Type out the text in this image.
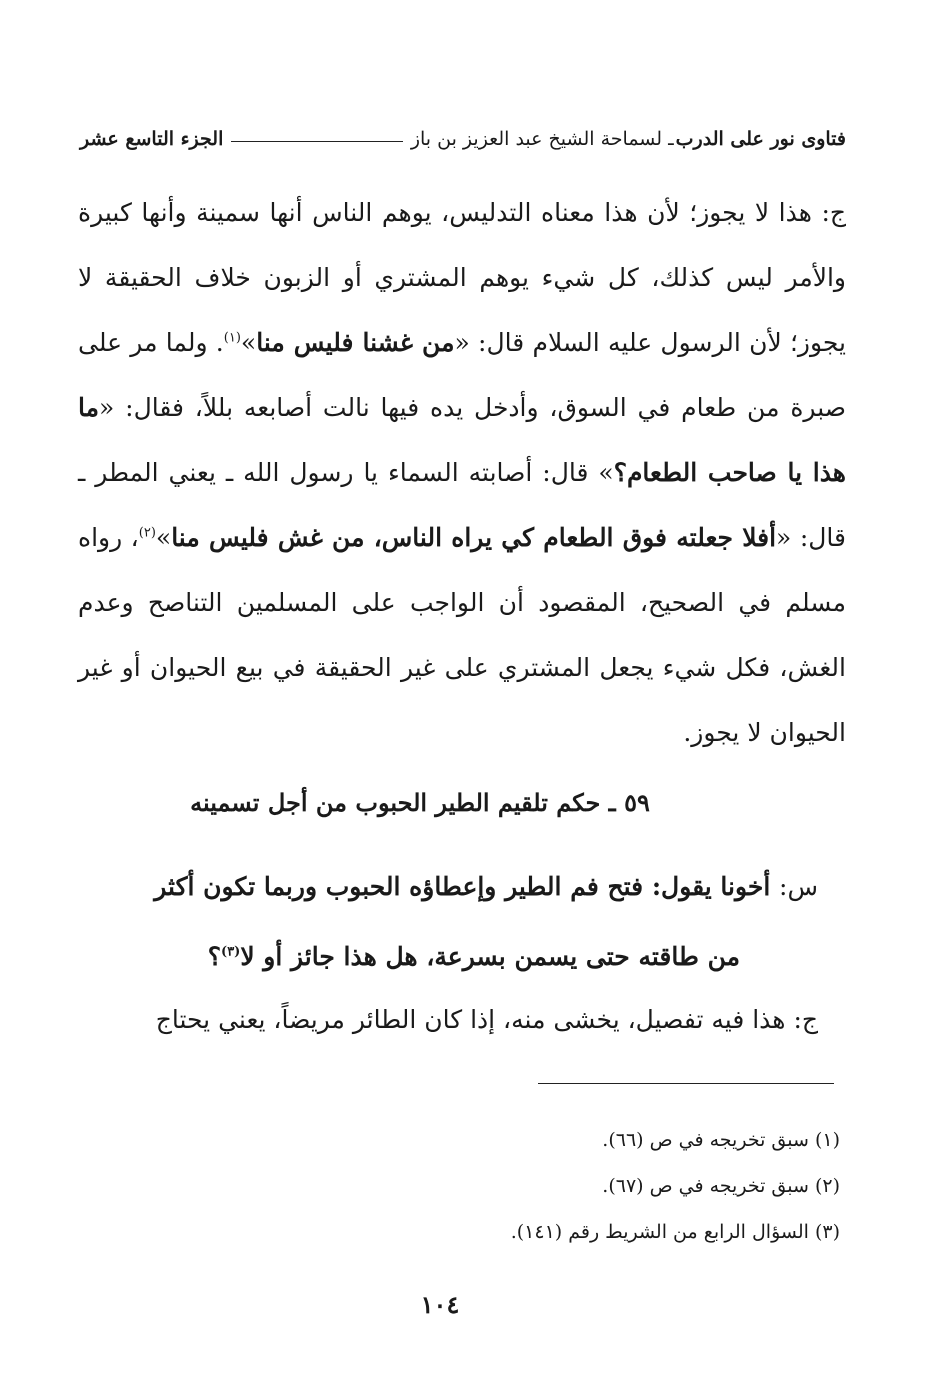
فتاوى نور على الدرب
ـ لسماحة الشيخ عبد العزيز بن باز
الجزء التاسع عشر
ج: هذا لا يجوز؛ لأن هذا معناه التدليس، يوهم الناس أنها سمينة وأنها كبيرة والأمر ليس كذلك، كل شيء يوهم المشتري أو الزبون خلاف الحقيقة لا يجوز؛ لأن الرسول عليه السلام قال: «من غشنا فليس منا»$^{(١)}$. ولما مر على صبرة من طعام في السوق، وأدخل يده فيها نالت أصابعه بللاً، فقال: «ما هذا يا صاحب الطعام؟» قال: أصابته السماء يا رسول الله ـ يعني المطر ـ قال: «أفلا جعلته فوق الطعام كي يراه الناس، من غش فليس منا»$^{(٢)}$، رواه مسلم في الصحيح، المقصود أن الواجب على المسلمين التناصح وعدم الغش، فكل شيء يجعل المشتري على غير الحقيقة في بيع الحيوان أو غير الحيوان لا يجوز.
٥٩ ـ حكم تلقيم الطير الحبوب من أجل تسمينه
س: أخونا يقول: فتح فم الطير وإعطاؤه الحبوب وربما تكون أكثر
من طاقته حتى يسمن بسرعة، هل هذا جائز أو لا$^{(٣)}$؟
ج: هذا فيه تفصيل، يخشى منه، إذا كان الطائر مريضاً، يعني يحتاج
(١) سبق تخريجه في ص (٦٦).
(٢) سبق تخريجه في ص (٦٧).
(٣) السؤال الرابع من الشريط رقم (١٤١).
١٠٤
